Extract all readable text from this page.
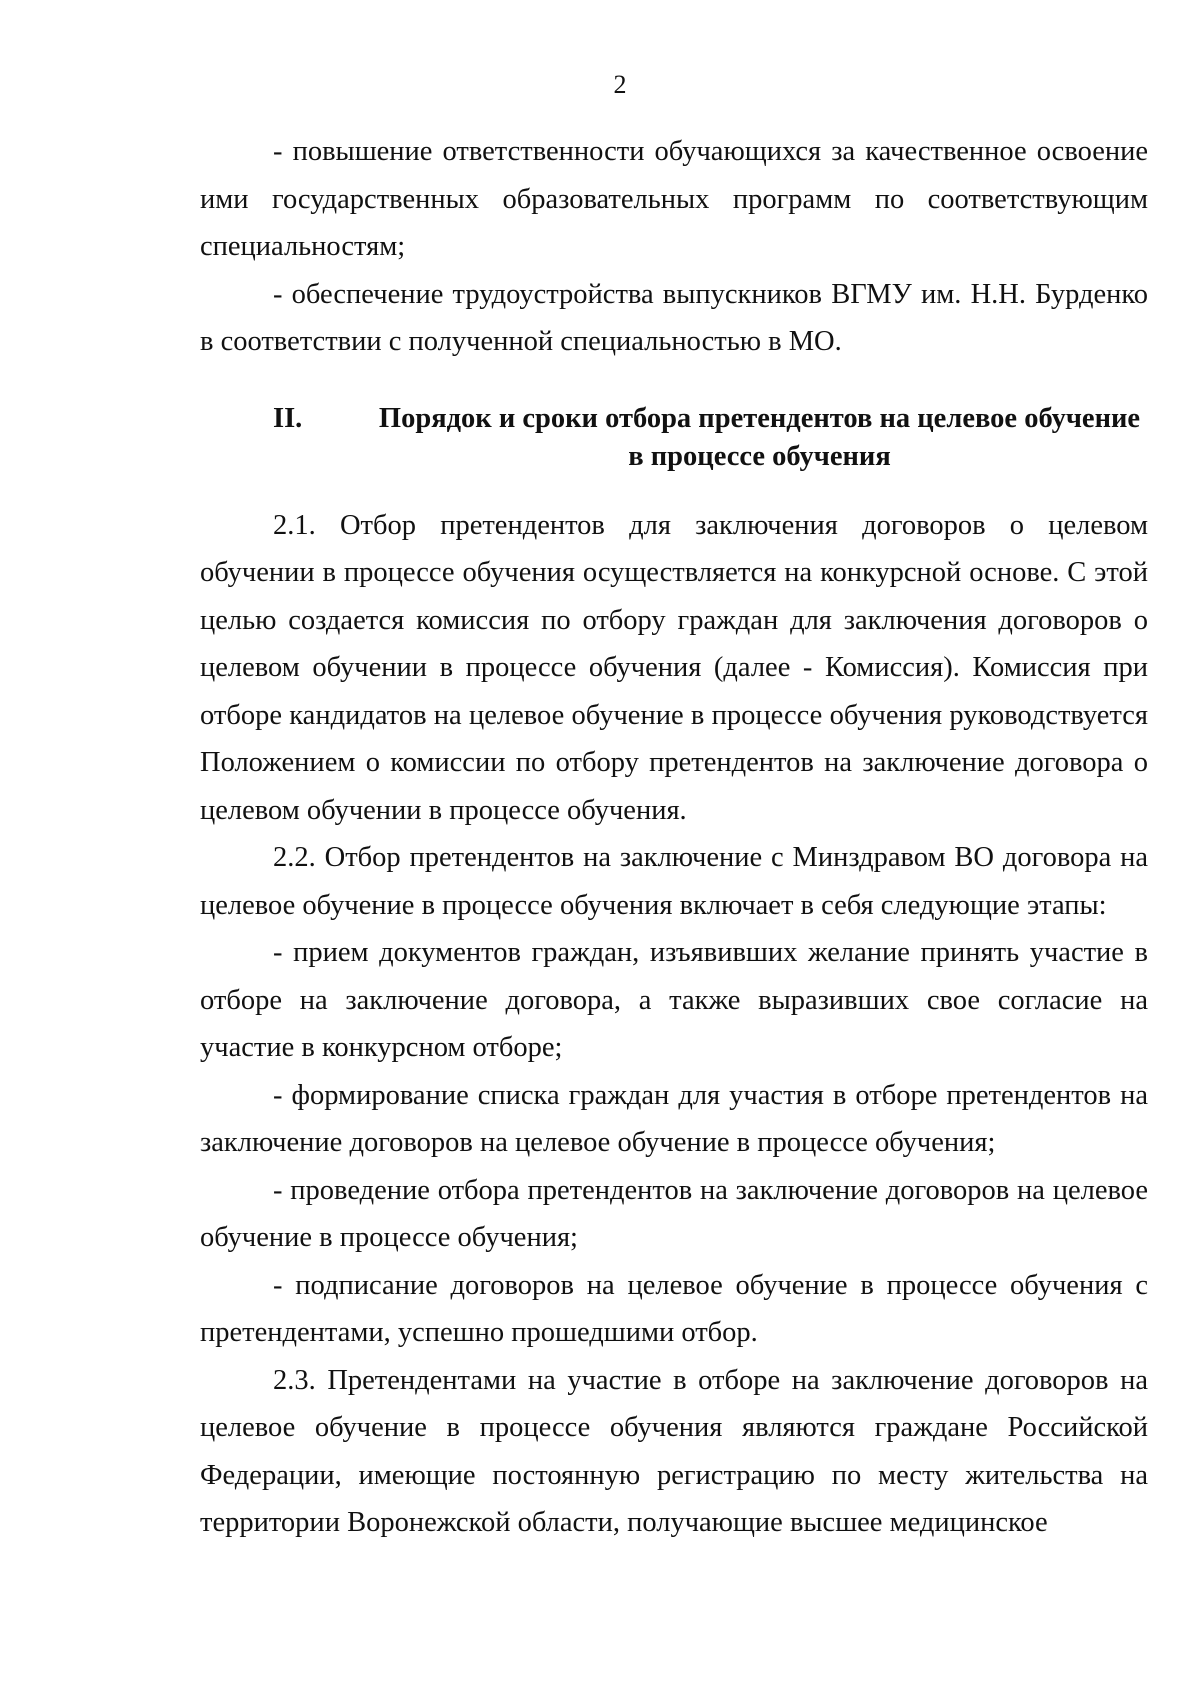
2

- повышение ответственности обучающихся за качественное освоение ими государственных образовательных программ по соответствующим специальностям;

- обеспечение трудоустройства выпускников ВГМУ им. Н.Н. Бурденко в соответствии с полученной специальностью в МО.

II.	Порядок и сроки отбора претендентов на целевое обучение в процессе обучения

2.1. Отбор претендентов для заключения договоров о целевом обучении в процессе обучения осуществляется на конкурсной основе. С этой целью создается комиссия по отбору граждан для заключения договоров о целевом обучении в процессе обучения (далее - Комиссия). Комиссия при отборе кандидатов на целевое обучение в процессе обучения руководствуется Положением о комиссии по отбору претендентов на заключение договора о целевом обучении в процессе обучения.

2.2. Отбор претендентов на заключение с Минздравом ВО договора на целевое обучение в процессе обучения включает в себя следующие этапы:

- прием документов граждан, изъявивших желание принять участие в отборе на заключение договора, а также выразивших свое согласие на участие в конкурсном отборе;

- формирование списка граждан для участия в отборе претендентов на заключение договоров на целевое обучение в процессе обучения;

- проведение отбора претендентов на заключение договоров на целевое обучение в процессе обучения;

- подписание договоров на целевое обучение в процессе обучения с претендентами, успешно прошедшими отбор.

2.3. Претендентами на участие в отборе на заключение договоров на целевое обучение в процессе обучения являются граждане Российской Федерации, имеющие постоянную регистрацию по месту жительства на территории Воронежской области, получающие высшее медицинское
